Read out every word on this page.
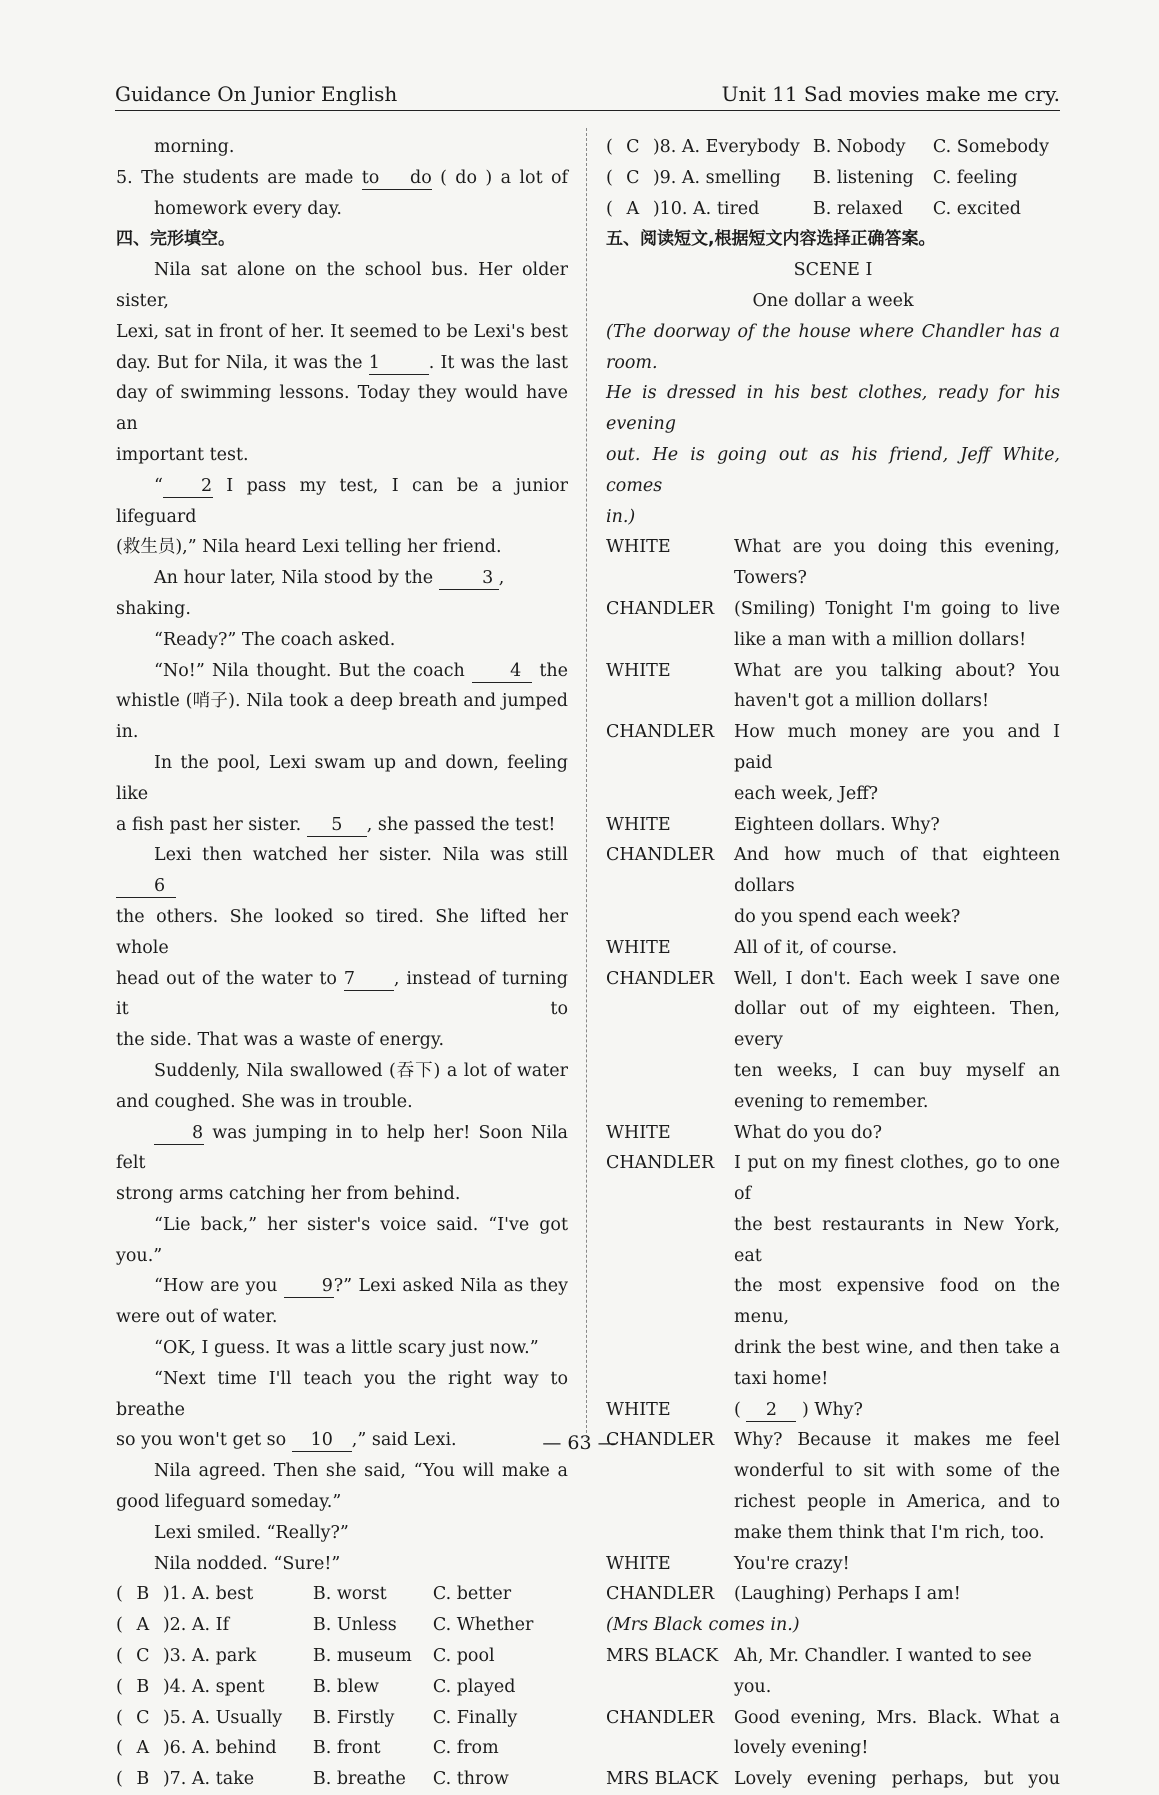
Guidance On Junior English	Unit 11 Sad movies make me cry.

morning.

5. The students are made to do ( do ) a lot of

homework every day.

四、完形填空。

Nila sat alone on the school bus. Her older sister,

Lexi, sat in front of her. It seemed to be Lexi's best

day. But for Nila, it was the 1	. It was the last

day of swimming lessons. Today they would have an

important test.

“ 2 I pass my test, I can be a junior lifeguard

(救生员),” Nila heard Lexi telling her friend.

An hour later, Nila stood by the 3 , shaking.

“Ready?” The coach asked.

“No!” Nila thought. But the coach 4 the

whistle (哨子). Nila took a deep breath and jumped

in.

In the pool, Lexi swam up and down, feeling like

a fish past her sister. 5 , she passed the test!

Lexi then watched her sister. Nila was still 6

the others. She looked so tired. She lifted her whole

head out of the water to 7 , instead of turning it to

the side. That was a waste of energy.

Suddenly, Nila swallowed (吞下) a lot of water

and coughed. She was in trouble.

8 was jumping in to help her! Soon Nila felt

strong arms catching her from behind.

“Lie back,” her sister's voice said. “I've got

you.”

“How are you 9?” Lexi asked Nila as they

were out of water.

“OK, I guess. It was a little scary just now.”

“Next time I'll teach you the right way to breathe

so you won't get so 10 ,” said Lexi.

Nila agreed. Then she said, “You will make a

good lifeguard someday.”

Lexi smiled. “Really?”

Nila nodded. “Sure!”

( B )1. A. best	B. worst	C. better
( A )2. A. If	B. Unless	C. Whether
( C )3. A. park	B. museum	C. pool
( B )4. A. spent	B. blew	C. played
( C )5. A. Usually	B. Firstly	C. Finally
( A )6. A. behind	B. front	C. from
( B )7. A. take	B. breathe	C. throw
( C )8. A. Everybody B. Nobody	C. Somebody
( C )9. A. smelling	B. listening	C. feeling
( A )10. A. tired	B. relaxed	C. excited

五、阅读短文,根据短文内容选择正确答案。

SCENE I

One dollar a week

(The doorway of the house where Chandler has a room.

He is dressed in his best clothes, ready for his evening

out. He is going out as his friend, Jeff White, comes

in.)

WHITE	What are you doing this evening,
Towers?
CHANDLER	(Smiling) Tonight I'm going to live
like a man with a million dollars!
WHITE	What are you talking about? You
haven't got a million dollars!
CHANDLER	How much money are you and I paid
each week, Jeff?
WHITE	Eighteen dollars. Why?
CHANDLER	And how much of that eighteen dollars
do you spend each week?
WHITE	All of it, of course.
CHANDLER	Well, I don't. Each week I save one
dollar out of my eighteen. Then, every
ten weeks, I can buy myself an
evening to remember.
WHITE	What do you do?
CHANDLER	I put on my finest clothes, go to one of
the best restaurants in New York, eat
the most expensive food on the menu,
drink the best wine, and then take a
taxi home!
WHITE	( 2 ) Why?
CHANDLER	Why? Because it makes me feel
wonderful to sit with some of the
richest people in America, and to
make them think that I'm rich, too.
WHITE	You're crazy!
CHANDLER	(Laughing) Perhaps I am!

(Mrs Black comes in.)

MRS BLACK Ah, Mr. Chandler. I wanted to see you.
CHANDLER	Good evening, Mrs. Black. What a
lovely evening!
MRS BLACK Lovely evening perhaps, but you
— 63 —
